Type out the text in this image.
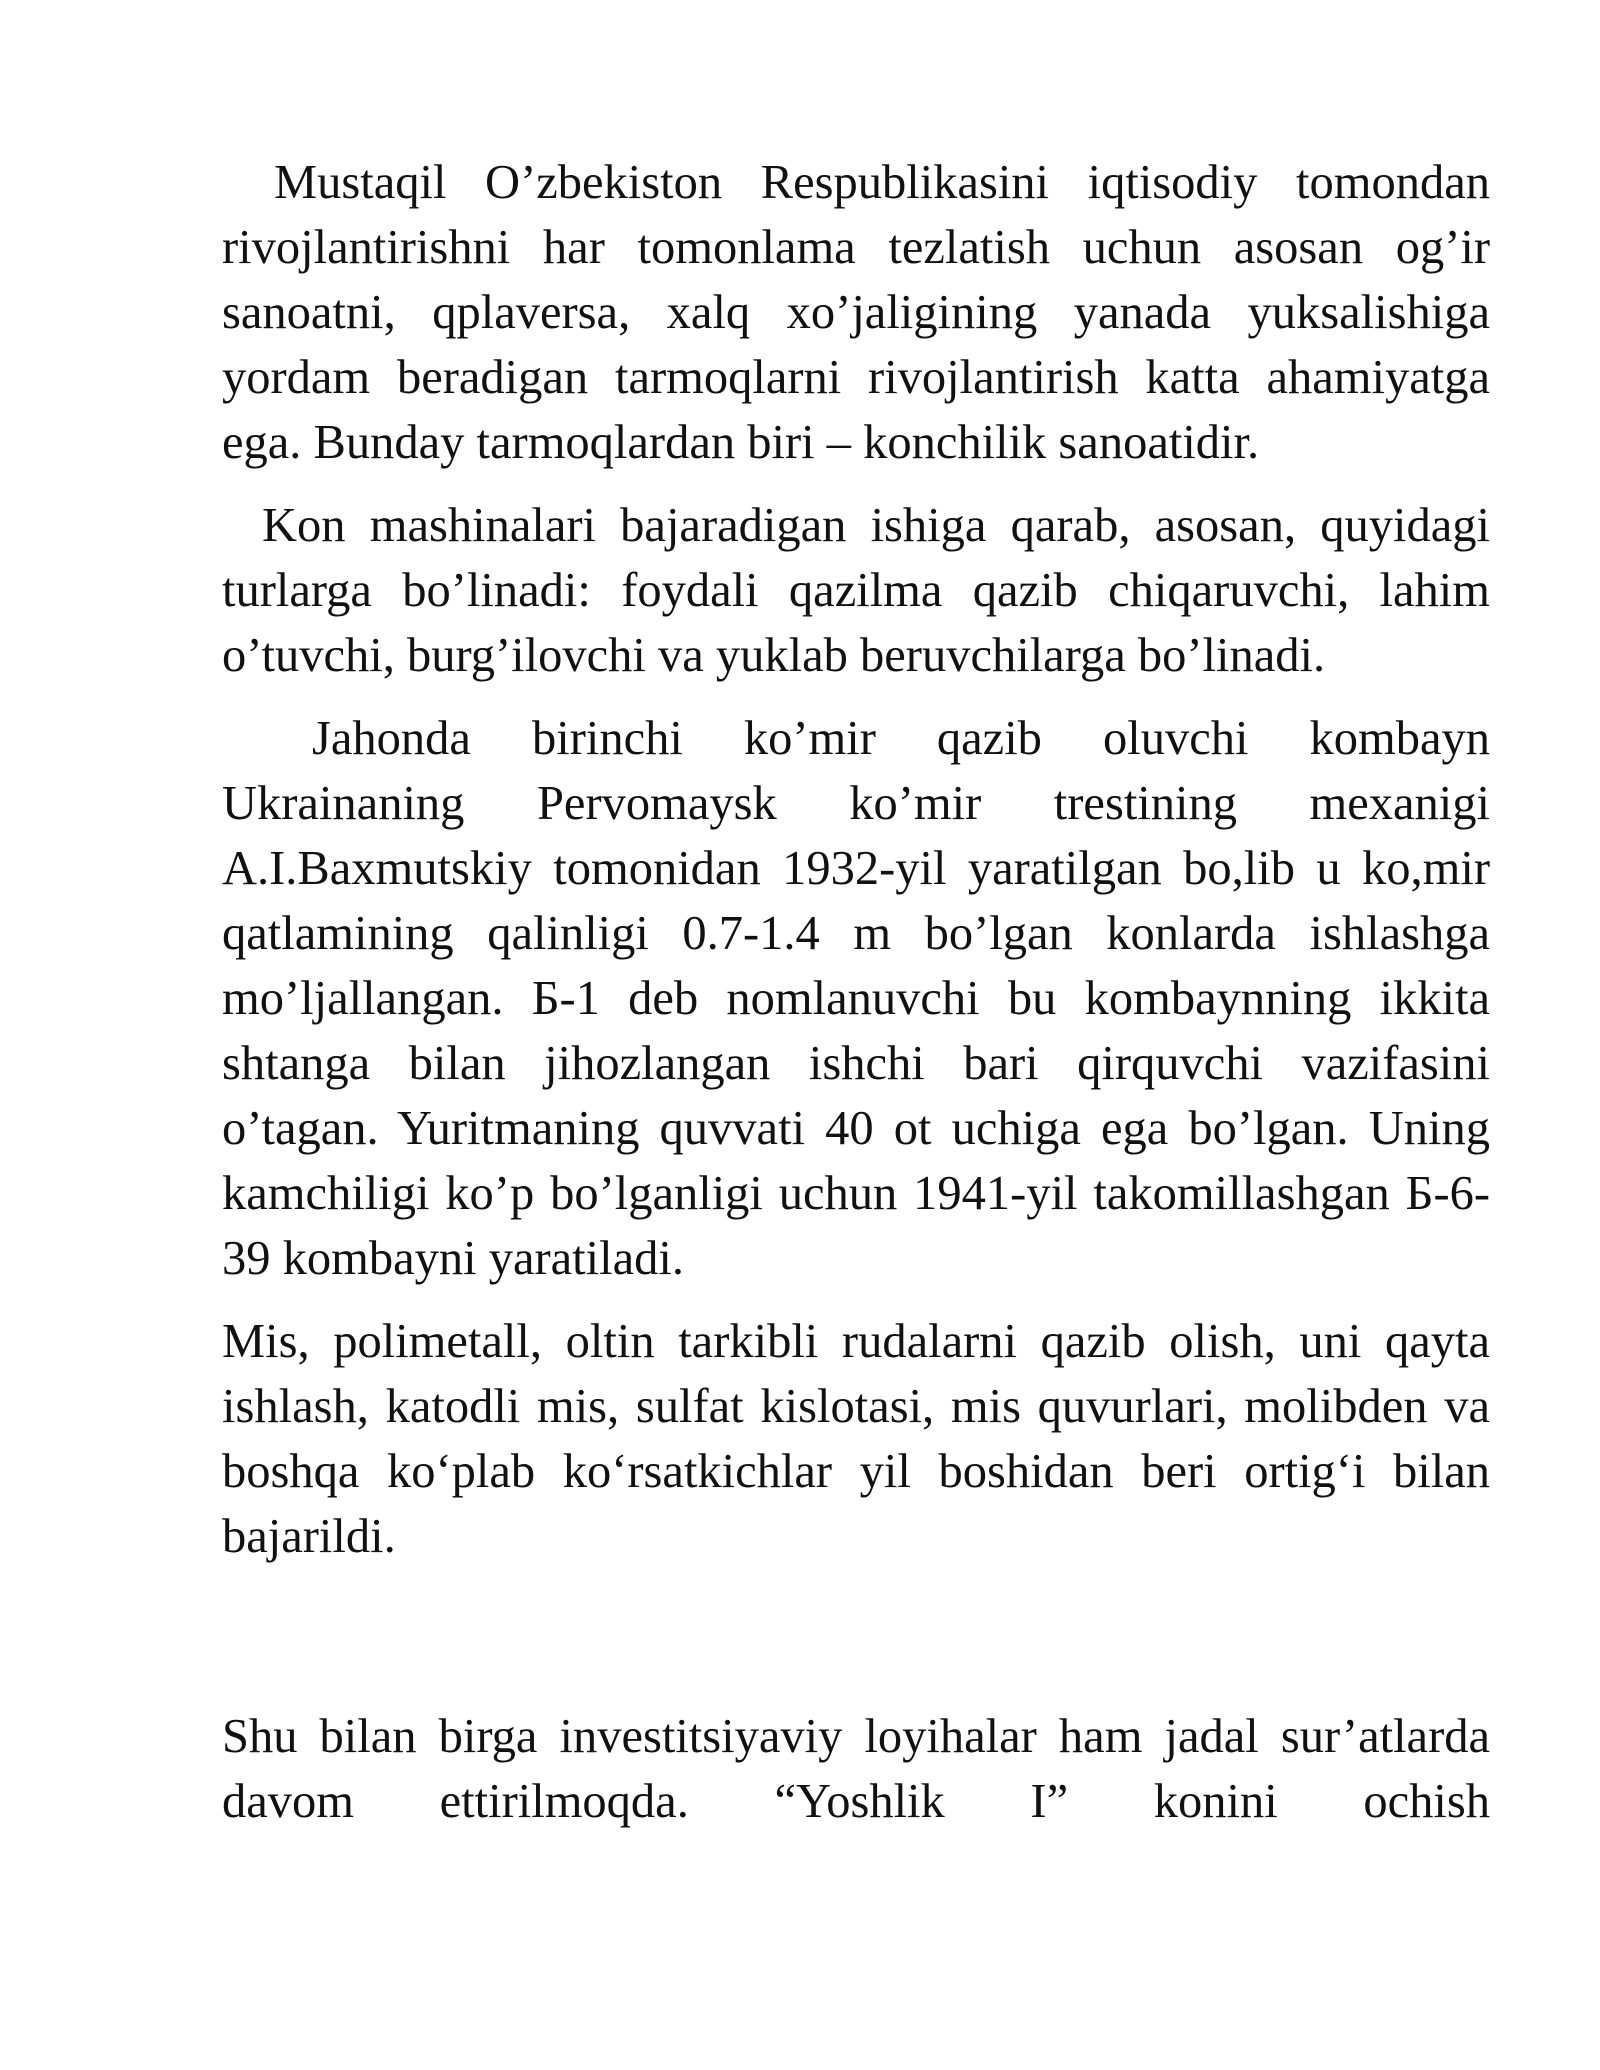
Mustaqil O’zbekiston Respublikasini iqtisodiy tomondan rivojlantirishni har tomonlama tezlatish uchun asosan og’ir sanoatni, qplaversa, xalq xo’jaligining yanada yuksalishiga yordam beradigan tarmoqlarni rivojlantirish katta ahamiyatga ega. Bunday tarmoqlardan biri – konchilik sanoatidir.

Kon mashinalari bajaradigan ishiga qarab, asosan, quyidagi turlarga bo’linadi: foydali qazilma qazib chiqaruvchi, lahim o’tuvchi, burg’ilovchi va yuklab beruvchilarga bo’linadi.

Jahonda birinchi ko’mir qazib oluvchi kombayn Ukrainaning Pervomaysk ko’mir trestining mexanigi A.I.Baxmutskiy tomonidan 1932-yil yaratilgan bo,lib u ko,mir qatlamining qalinligi 0.7-1.4 m bo’lgan konlarda ishlashga mo’ljallangan. Б-1 deb nomlanuvchi bu kombaynning ikkita shtanga bilan jihozlangan ishchi bari qirquvchi vazifasini o’tagan. Yuritmaning quvvati 40 ot uchiga ega bo’lgan. Uning kamchiligi ko’p bo’lganligi uchun 1941-yil takomillashgan Б-6-39 kombayni yaratiladi.

Mis, polimetall, oltin tarkibli rudalarni qazib olish, uni qayta ishlash, katodli mis, sulfat kislotasi, mis quvurlari, molibden va boshqa ko‘plab ko‘rsatkichlar yil boshidan beri ortig‘i bilan bajarildi.

Shu bilan birga investitsiyaviy loyihalar ham jadal sur’atlarda davom ettirilmoqda. “Yoshlik I” konini ochish
